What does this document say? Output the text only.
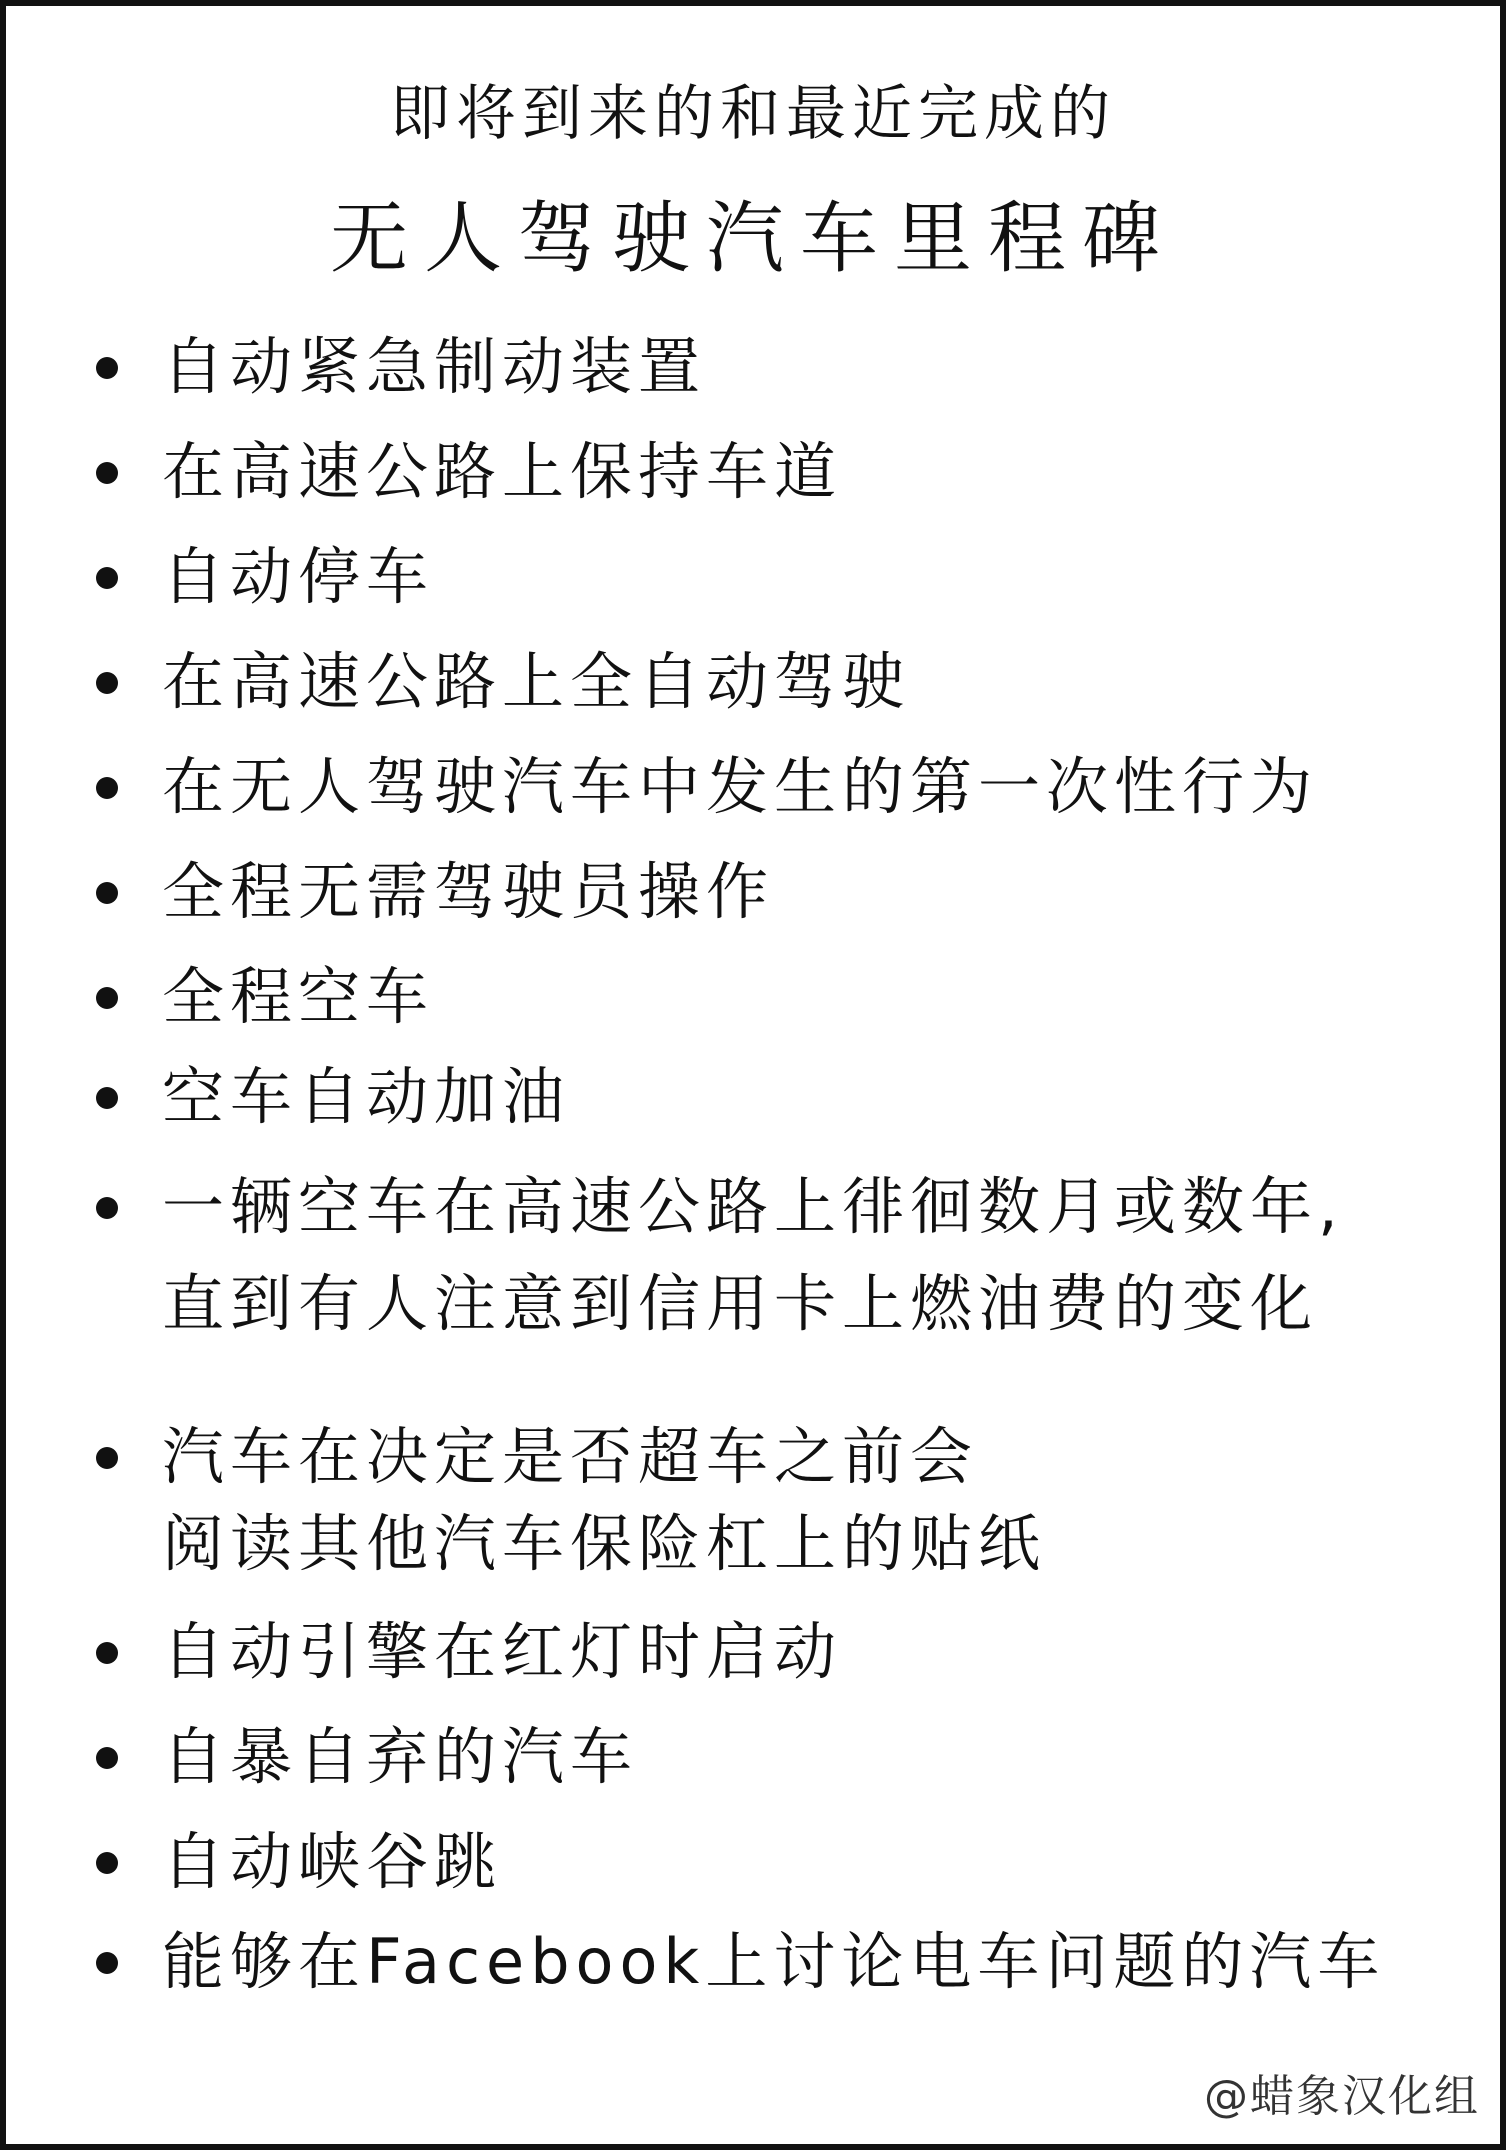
即将到来的和最近完成的
无人驾驶汽车里程碑
自动紧急制动装置
在高速公路上保持车道
自动停车
在高速公路上全自动驾驶
在无人驾驶汽车中发生的第一次性行为
全程无需驾驶员操作
全程空车
空车自动加油
一辆空车在高速公路上徘徊数月或数年,
直到有人注意到信用卡上燃油费的变化
汽车在决定是否超车之前会
阅读其他汽车保险杠上的贴纸
自动引擎在红灯时启动
自暴自弃的汽车
自动峡谷跳
能够在Facebook上讨论电车问题的汽车
@蜡象汉化组
